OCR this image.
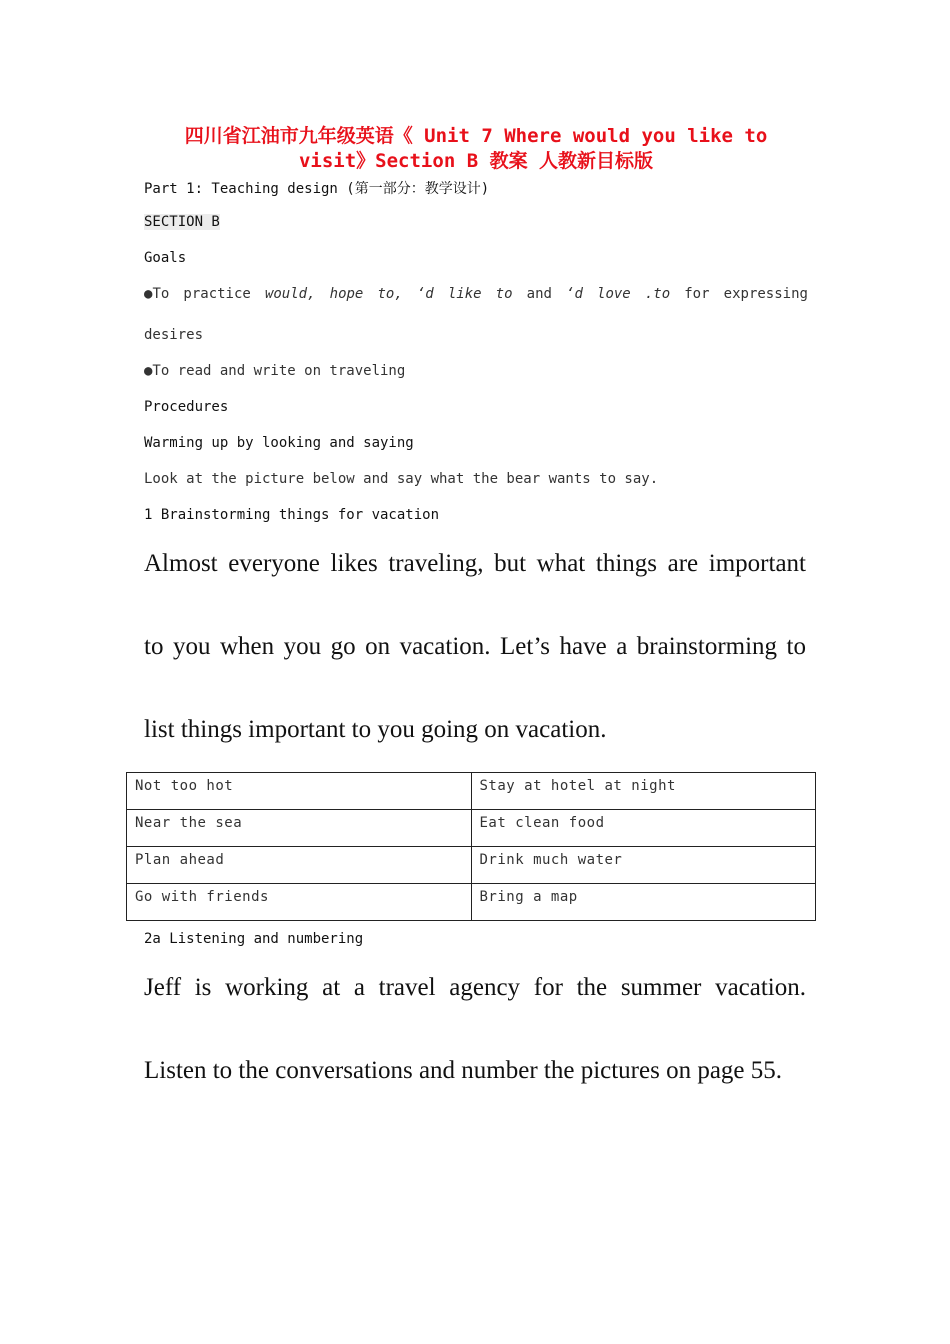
四川省江油市九年级英语《 Unit 7 Where would you like to
visit》Section B 教案 人教新目标版
Part 1: Teaching design (第一部分：教学设计)
SECTION B
Goals
●To practice would, hope to, ‘d like to and ‘d love .to for expressing
desires
●To read and write on traveling
Procedures
Warming up by looking and saying
Look at the picture below and say what the bear wants to say.
1 Brainstorming things for vacation
Almost everyone likes traveling, but what things are important
to you when you go on vacation. Let’s have a brainstorming to
list things important to you going on vacation.
Not too hot	Stay at hotel at night
Near the sea	Eat clean food
Plan ahead	Drink much water
Go with friends	Bring a map
2a Listening and numbering
Jeff is working at a travel agency for the summer vacation.
Listen to the conversations and number the pictures on page 55.
